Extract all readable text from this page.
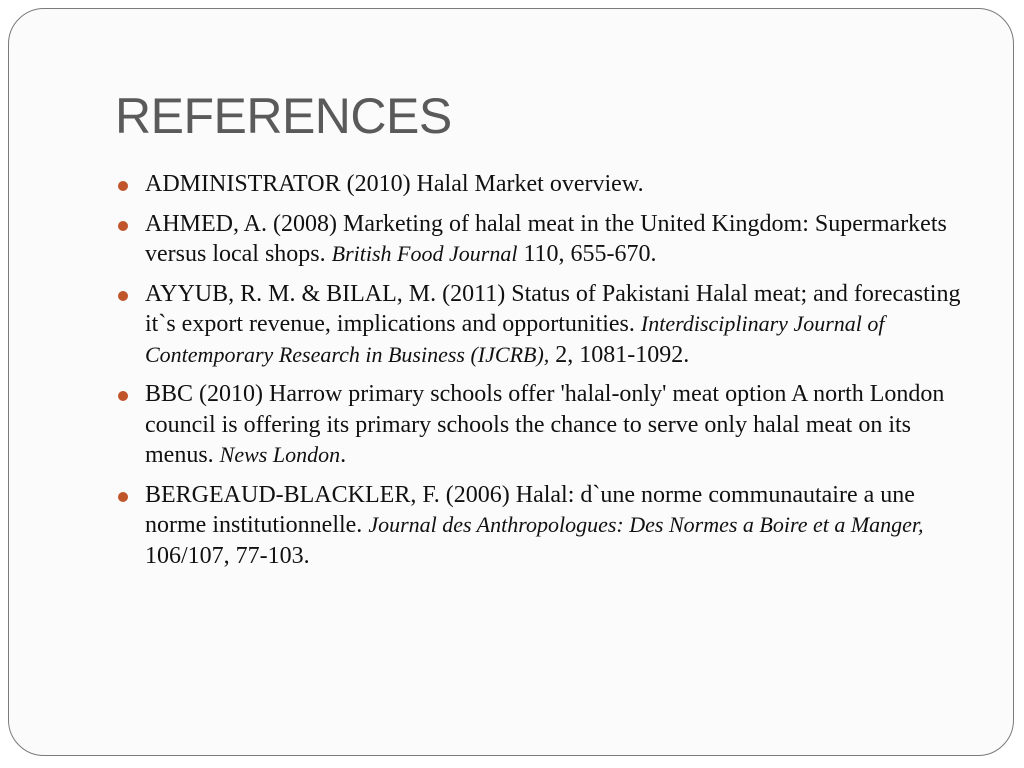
REFERENCES
ADMINISTRATOR (2010) Halal Market overview.
AHMED, A. (2008) Marketing of halal meat in the United Kingdom: Supermarkets versus local shops. British Food Journal 110, 655-670.
AYYUB, R. M. & BILAL, M. (2011) Status of Pakistani Halal meat; and forecasting it`s export revenue, implications and opportunities. Interdisciplinary Journal of Contemporary Research in Business (IJCRB), 2, 1081-1092.
BBC (2010) Harrow primary schools offer 'halal-only' meat option A north London council is offering its primary schools the chance to serve only halal meat on its menus. News London.
BERGEAUD-BLACKLER, F. (2006) Halal: d`une norme communautaire a une norme institutionnelle. Journal des Anthropologues: Des Normes a Boire et a Manger, 106/107, 77-103.
